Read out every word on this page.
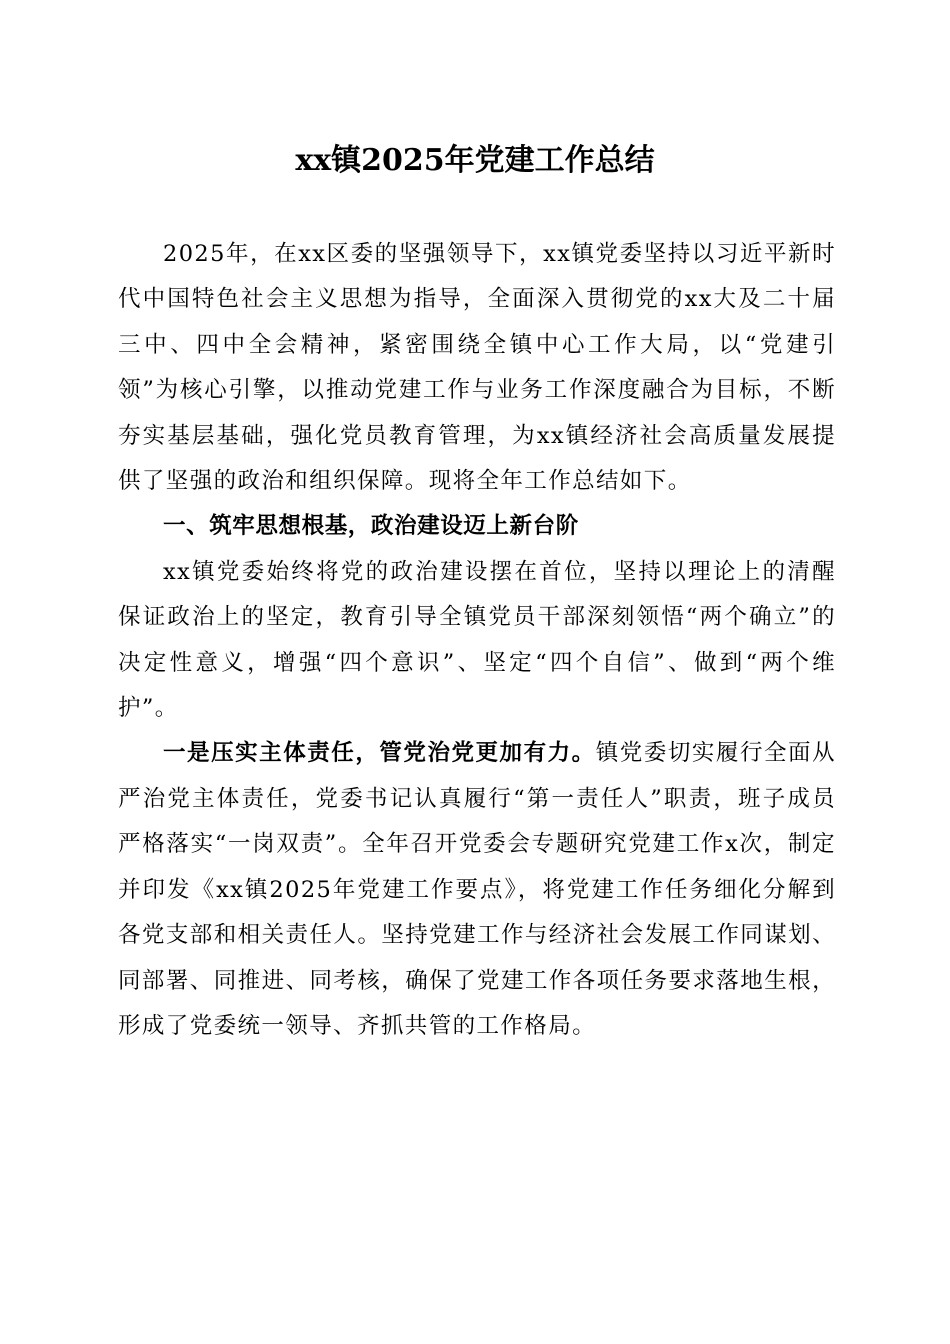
xx镇2025年党建工作总结

2025年，在xx区委的坚强领导下，xx镇党委坚持以习近平新时代中国特色社会主义思想为指导，全面深入贯彻党的xx大及二十届三中、四中全会精神，紧密围绕全镇中心工作大局，以“党建引领”为核心引擎，以推动党建工作与业务工作深度融合为目标，不断夯实基层基础，强化党员教育管理，为xx镇经济社会高质量发展提供了坚强的政治和组织保障。现将全年工作总结如下。

一、筑牢思想根基，政治建设迈上新台阶

xx镇党委始终将党的政治建设摆在首位，坚持以理论上的清醒保证政治上的坚定，教育引导全镇党员干部深刻领悟“两个确立”的决定性意义，增强“四个意识”、坚定“四个自信”、做到“两个维护”。

一是压实主体责任，管党治党更加有力。镇党委切实履行全面从严治党主体责任，党委书记认真履行“第一责任人”职责，班子成员严格落实“一岗双责”。全年召开党委会专题研究党建工作x次，制定并印发《xx镇2025年党建工作要点》，将党建工作任务细化分解到各党支部和相关责任人。坚持党建工作与经济社会发展工作同谋划、同部署、同推进、同考核，确保了党建工作各项任务要求落地生根，形成了党委统一领导、齐抓共管的工作格局。
